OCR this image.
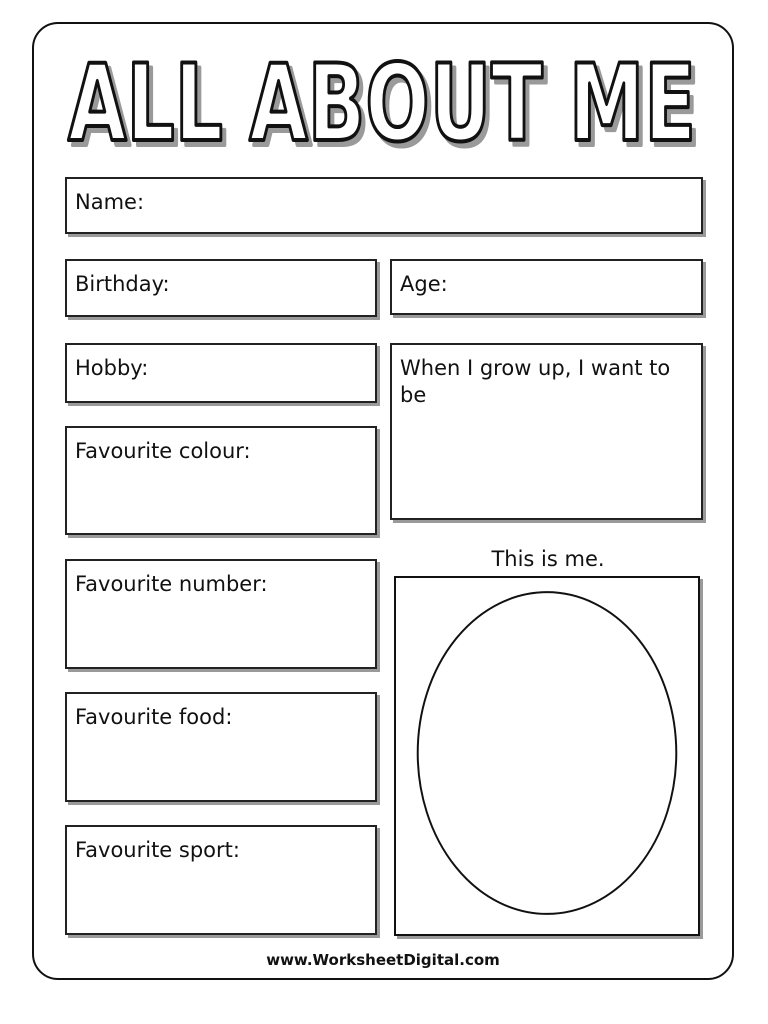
ALL ABOUT ME
ALL ABOUT ME
Name:
Birthday:	Age:
Hobby:	When I grow up, I want to be
Favourite colour:
Favourite number:
Favourite food:
Favourite sport:
This is me.
www.WorksheetDigital.com
